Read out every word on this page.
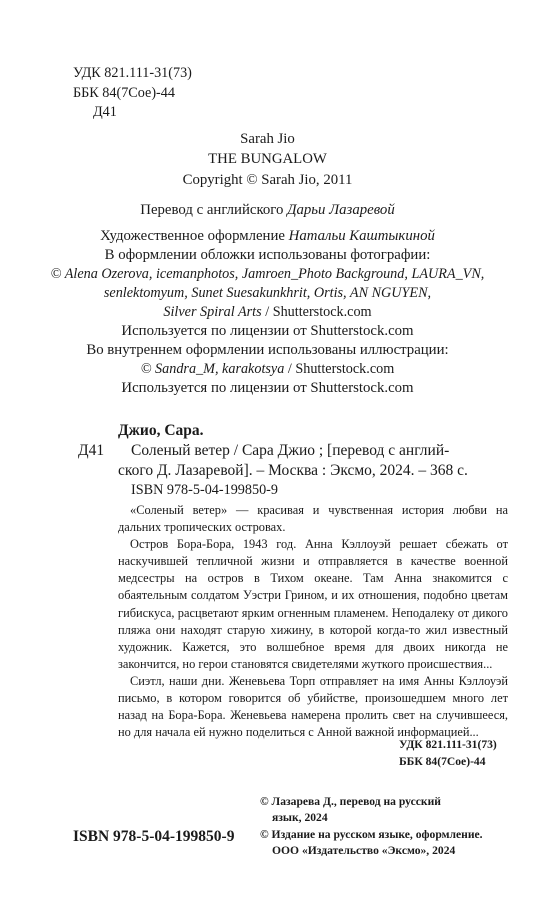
УДК 821.111-31(73)
ББК 84(7Сое)-44
Д41
Sarah Jio
THE BUNGALOW
Copyright © Sarah Jio, 2011
Перевод с английского Дарьи Лазаревой
Художественное оформление Натальи Каштыкиной
В оформлении обложки использованы фотографии:
© Alena Ozerova, icemanphotos, Jamroen_Photo Background, LAURA_VN,
senlektomyum, Sunet Suesakunkhrit, Ortis, AN NGUYEN,
Silver Spiral Arts / Shutterstock.com
Используется по лицензии от Shutterstock.com
Во внутреннем оформлении использованы иллюстрации:
© Sandra_M, karakotsya / Shutterstock.com
Используется по лицензии от Shutterstock.com
Джио, Сара.
Д41 Соленый ветер / Сара Джио ; [перевод с англий-
ского Д. Лазаревой]. – Москва : Эксмо, 2024. – 368 с.
ISBN 978-5-04-199850-9

«Соленый ветер» — красивая и чувственная история любви на дальних тропических островах.

Остров Бора-Бора, 1943 год. Анна Кэллоуэй решает сбежать от наскучившей тепличной жизни и отправляется в качестве военной медсестры на остров в Тихом океане. Там Анна знакомится с обаятельным солдатом Уэстри Грином, и их отношения, подобно цветам гибискуса, расцветают ярким огненным пламенем. Неподалеку от дикого пляжа они находят старую хижину, в которой когда-то жил известный художник. Кажется, это волшебное время для двоих никогда не закончится, но герои становятся свидетелями жуткого происшествия...

Сиэтл, наши дни. Женевьева Торп отправляет на имя Анны Кэллоуэй письмо, в котором говорится об убийстве, произошедшем много лет назад на Бора-Бора. Женевьева намерена пролить свет на случившееся, но для начала ей нужно поделиться с Анной важной информацией...

УДК 821.111-31(73)
ББК 84(7Сое)-44
ISBN 978-5-04-199850-9
© Лазарева Д., перевод на русский
язык, 2024
© Издание на русском языке, оформление.
ООО «Издательство «Эксмо», 2024
